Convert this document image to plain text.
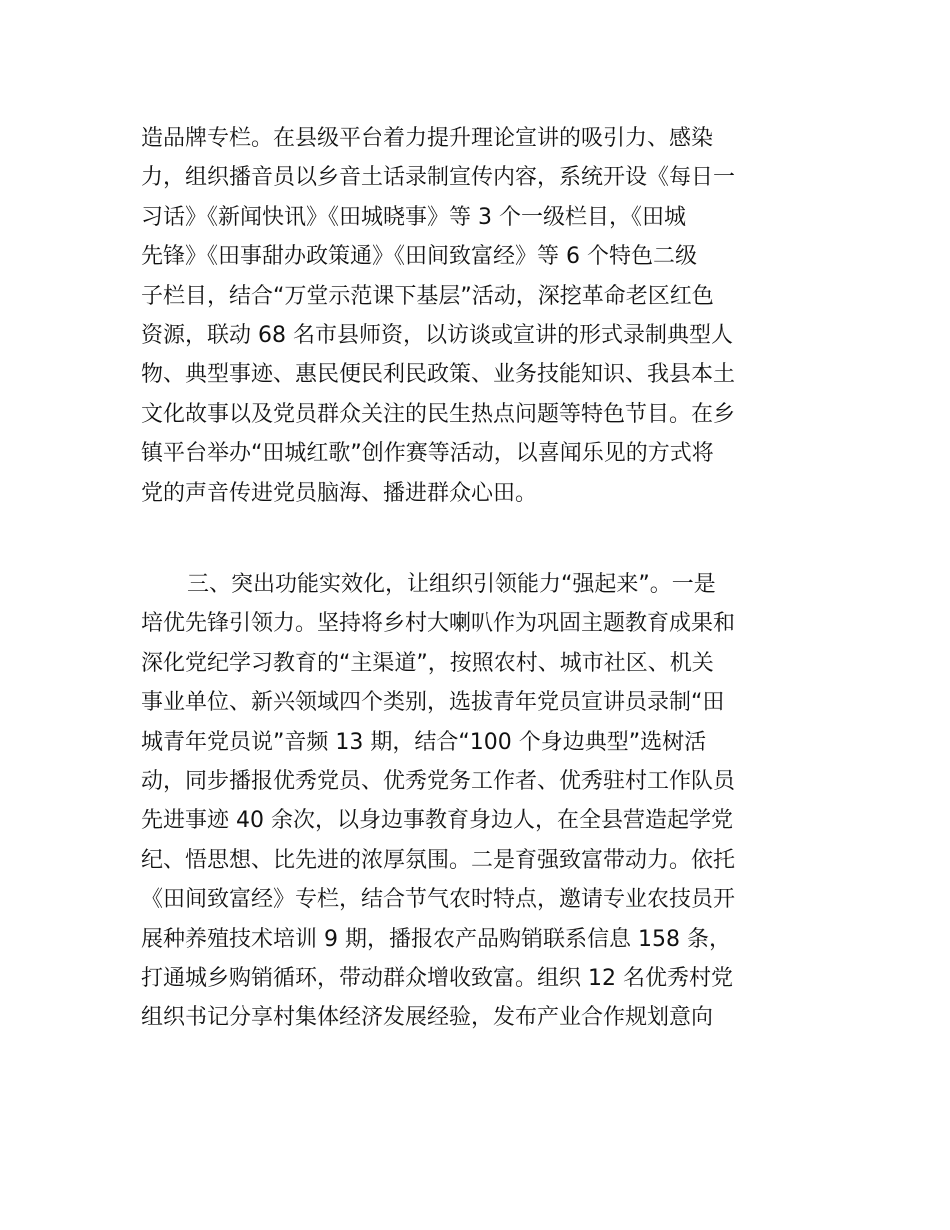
造品牌专栏。在县级平台着力提升理论宣讲的吸引力、感染
力，组织播音员以乡音土话录制宣传内容，系统开设《每日一
习话》《新闻快讯》《田城晓事》等 3 个一级栏目，《田城
先锋》《田事甜办政策通》《田间致富经》等 6 个特色二级
子栏目，结合“万堂示范课下基层”活动，深挖革命老区红色
资源，联动 68 名市县师资，以访谈或宣讲的形式录制典型人
物、典型事迹、惠民便民利民政策、业务技能知识、我县本土
文化故事以及党员群众关注的民生热点问题等特色节目。在乡
镇平台举办“田城红歌”创作赛等活动，以喜闻乐见的方式将
党的声音传进党员脑海、播进群众心田。
三、突出功能实效化，让组织引领能力“强起来”。一是
培优先锋引领力。坚持将乡村大喇叭作为巩固主题教育成果和
深化党纪学习教育的“主渠道”，按照农村、城市社区、机关
事业单位、新兴领域四个类别，选拔青年党员宣讲员录制“田
城青年党员说”音频 13 期，结合“100 个身边典型”选树活
动，同步播报优秀党员、优秀党务工作者、优秀驻村工作队员
先进事迹 40 余次，以身边事教育身边人，在全县营造起学党
纪、悟思想、比先进的浓厚氛围。二是育强致富带动力。依托
《田间致富经》专栏，结合节气农时特点，邀请专业农技员开
展种养殖技术培训 9 期，播报农产品购销联系信息 158 条，
打通城乡购销循环，带动群众增收致富。组织 12 名优秀村党
组织书记分享村集体经济发展经验，发布产业合作规划意向
